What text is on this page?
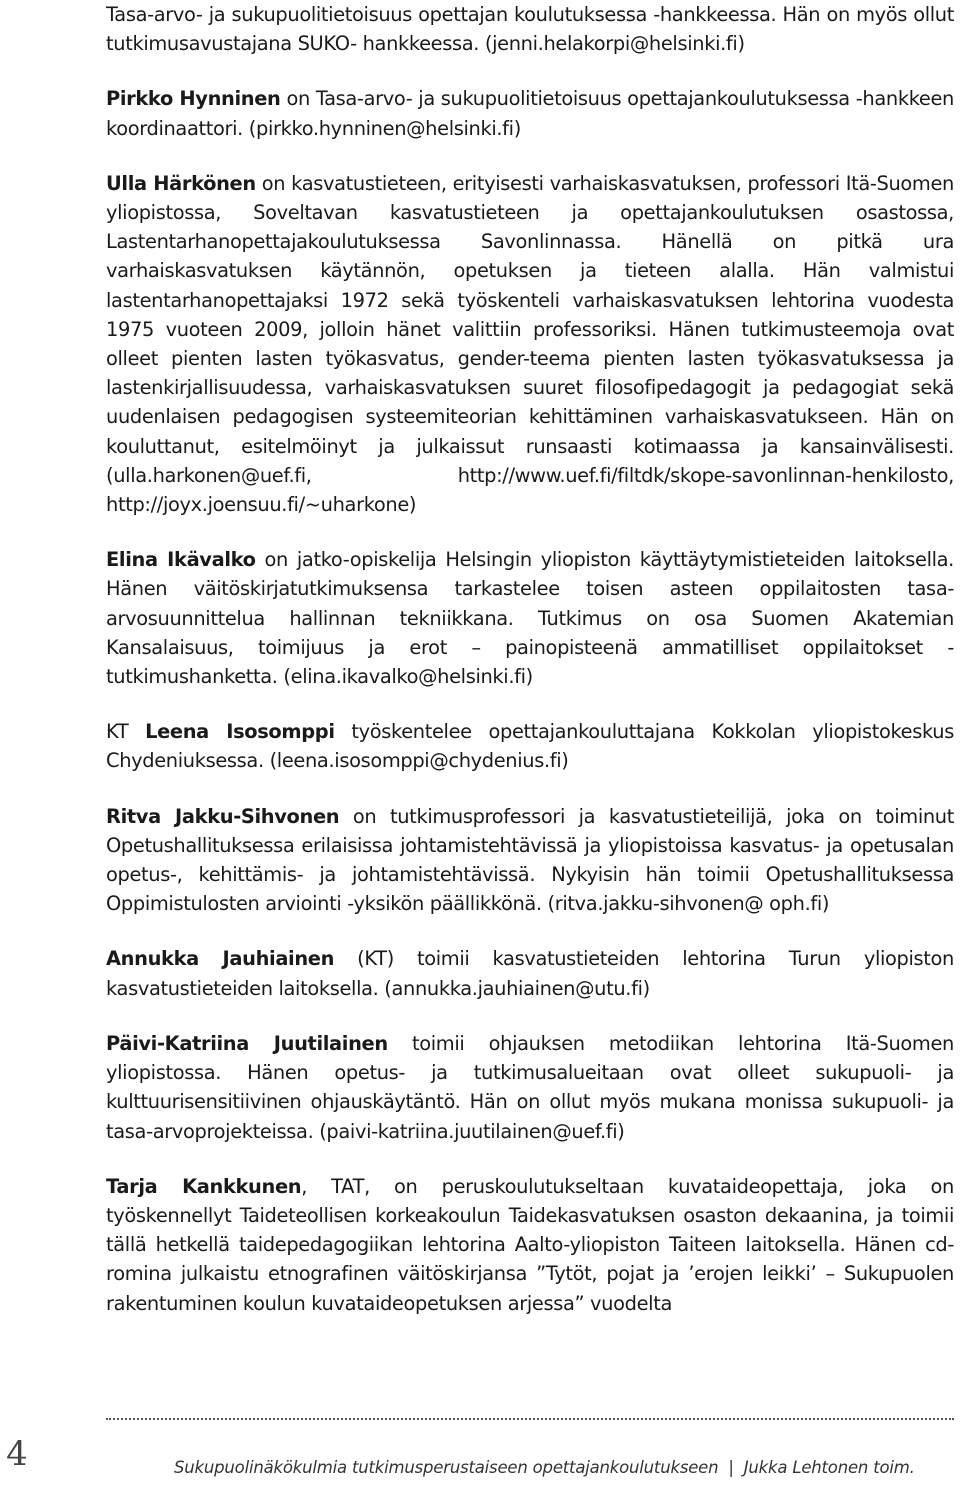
Tasa-arvo- ja sukupuolitietoisuus opettajan koulutuksessa -hankkeessa. Hän on myös ollut tutkimusavustajana SUKO- hankkeessa. (jenni.helakorpi@helsinki.fi)

Pirkko Hynninen on Tasa-arvo- ja sukupuolitietoisuus opettajankoulutuksessa -hankkeen koordinaattori. (pirkko.hynninen@helsinki.fi)

Ulla Härkönen on kasvatustieteen, erityisesti varhaiskasvatuksen, professori Itä-Suomen yliopistossa, Soveltavan kasvatustieteen ja opettajankoulutuksen osastossa, Lastentarhanopettajakoulutuksessa Savonlinnassa. Hänellä on pitkä ura varhaiskasvatuksen käytännön, opetuksen ja tieteen alalla. Hän valmistui lastentarhanopettajaksi 1972 sekä työskenteli varhaiskasvatuksen lehtorina vuodesta 1975 vuoteen 2009, jolloin hänet valittiin professoriksi. Hänen tutkimusteemoja ovat olleet pienten lasten työkasvatus, gender-teema pienten lasten työkasvatuksessa ja lastenkirjallisuudessa, varhaiskasvatuksen suuret filosofipedagogit ja pedagogiat sekä uudenlaisen pedagogisen systeemiteorian kehittäminen varhaiskasvatukseen. Hän on kouluttanut, esitelmöinyt ja julkaissut runsaasti kotimaassa ja kansainvälisesti. (ulla.harkonen@uef.fi, http://www.uef.fi/filtdk/skope-savonlinnan-henkilosto, http://joyx.joensuu.fi/~uharkone)

Elina Ikävalko on jatko-opiskelija Helsingin yliopiston käyttäytymistieteiden laitoksella. Hänen väitöskirjatutkimuksensa tarkastelee toisen asteen oppilaitosten tasa-arvosuunnittelua hallinnan tekniikkana. Tutkimus on osa Suomen Akatemian Kansalaisuus, toimijuus ja erot – painopisteenä ammatilliset oppilaitokset -tutkimushanketta. (elina.ikavalko@helsinki.fi)

KT Leena Isosomppi työskentelee opettajankouluttajana Kokkolan yliopistokeskus Chydeniuksessa. (leena.isosomppi@chydenius.fi)

Ritva Jakku-Sihvonen on tutkimusprofessori ja kasvatustieteilijä, joka on toiminut Opetushallituksessa erilaisissa johtamistehtävissä ja yliopistoissa kasvatus- ja opetusalan opetus-, kehittämis- ja johtamistehtävissä. Nykyisin hän toimii Opetushallituksessa Oppimistulosten arviointi -yksikön päällikkönä. (ritva.jakku-sihvonen@ oph.fi)

Annukka Jauhiainen (KT) toimii kasvatustieteiden lehtorina Turun yliopiston kasvatustieteiden laitoksella. (annukka.jauhiainen@utu.fi)

Päivi-Katriina Juutilainen toimii ohjauksen metodiikan lehtorina Itä-Suomen yliopistossa. Hänen opetus- ja tutkimusalueitaan ovat olleet sukupuoli- ja kulttuurisensitiivinen ohjauskäytäntö. Hän on ollut myös mukana monissa sukupuoli- ja tasa-arvoprojekteissa. (paivi-katriina.juutilainen@uef.fi)

Tarja Kankkunen, TAT, on peruskoulutukseltaan kuvataideopettaja, joka on työskennellyt Taideteollisen korkeakoulun Taidekasvatuksen osaston dekaanina, ja toimii tällä hetkellä taidepedagogiikan lehtorina Aalto-yliopiston Taiteen laitoksella. Hänen cd-romina julkaistu etnografinen väitöskirjansa ”Tytöt, pojat ja ’erojen leikki’ – Sukupuolen rakentuminen koulun kuvataideopetuksen arjessa” vuodelta

4	Sukupuolinäkökulmia tutkimusperustaiseen opettajankoulutukseen | Jukka Lehtonen toim.
